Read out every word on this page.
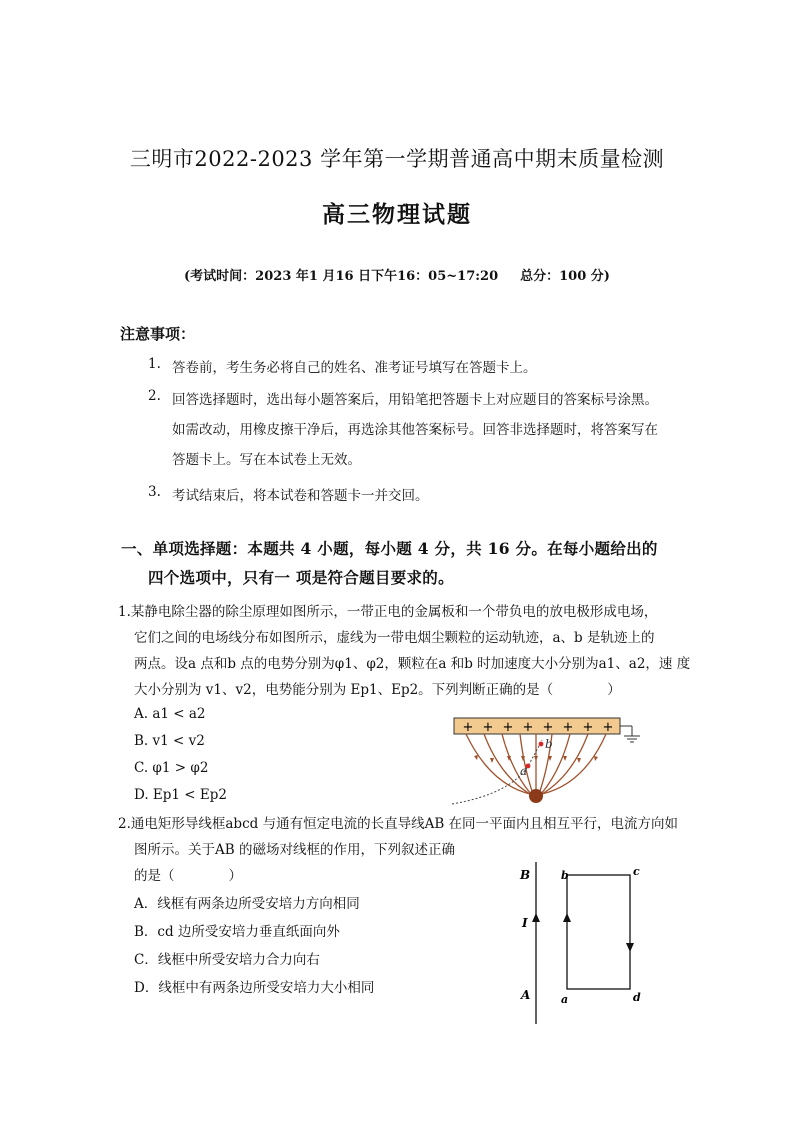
三明市2022-2023 学年第一学期普通高中期末质量检测
高三物理试题
(考试时间：2023 年1 月16 日下午16：05~17:20 总分：100 分)
注意事项：
1. 答卷前，考生务必将自己的姓名、准考证号填写在答题卡上。
2. 回答选择题时，选出每小题答案后，用铅笔把答题卡上对应题目的答案标号涂黑。
如需改动，用橡皮擦干净后，再选涂其他答案标号。回答非选择题时，将答案写在
答题卡上。写在本试卷上无效。
3. 考试结束后，将本试卷和答题卡一并交回。
一、单项选择题：本题共 4 小题，每小题 4 分，共 16 分。在每小题给出的
四个选项中，只有一 项是符合题目要求的。
1.某静电除尘器的除尘原理如图所示，一带正电的金属板和一个带负电的放电极形成电场，
它们之间的电场线分布如图所示，虚线为一带电烟尘颗粒的运动轨迹，a、b 是轨迹上的
两点。设a 点和b 点的电势分别为φ1、φ2，颗粒在a 和b 时加速度大小分别为a1、a2，速 度
大小分别为 v1、v2，电势能分别为 Ep1、Ep2。下列判断正确的是（	）
A. a1 < a2
B. v1 < v2
C. φ1 > φ2
D. Ep1 < Ep2
+ + + + + + + +
a
b
2.通电矩形导线框abcd 与通有恒定电流的长直导线AB 在同一平面内且相互平行，电流方向如
图所示。关于AB 的磁场对线框的作用，下列叙述正确
的是（	）
A．线框有两条边所受安培力方向相同
B．cd 边所受安培力垂直纸面向外
C．线框中所受安培力合力向右
D．线框中有两条边所受安培力大小相同
B
I
A
b	c
a	d
